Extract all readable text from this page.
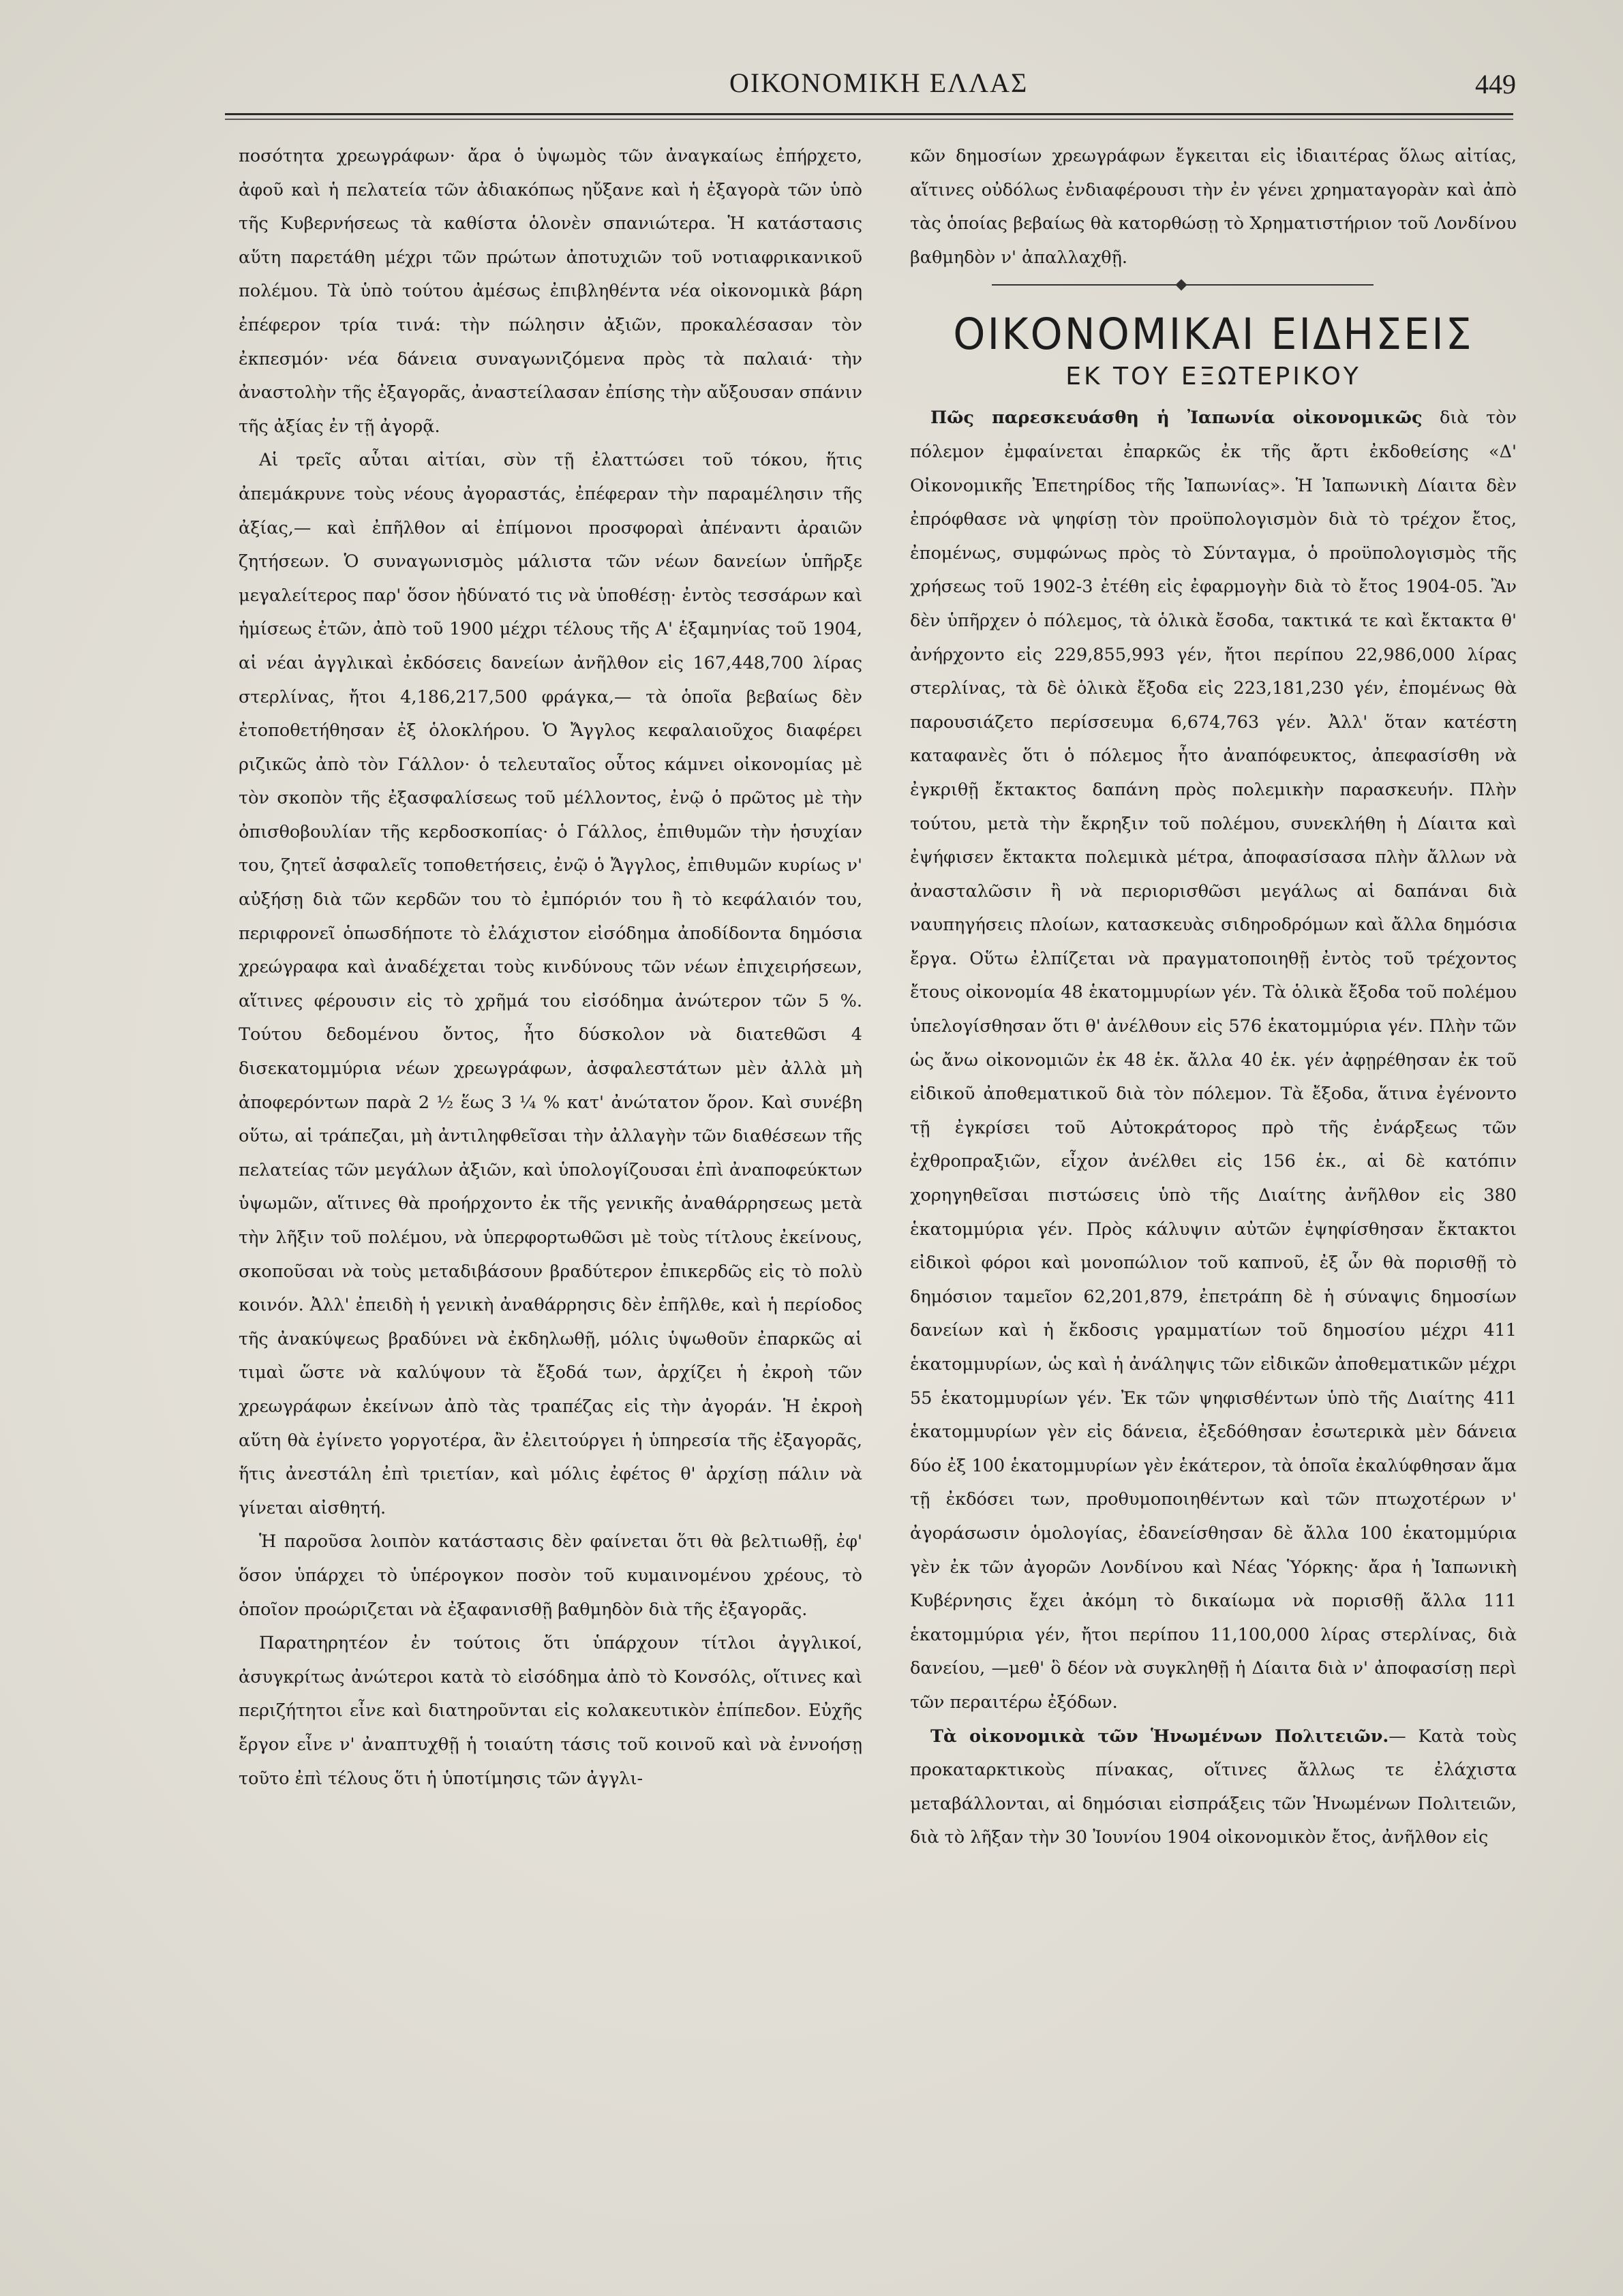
ΟΙΚΟΝΟΜΙΚΗ ΕΛΛΑΣ	449

ποσότητα χρεωγράφων· ἄρα ὁ ὑψωμὸς τῶν ἀναγκαίως ἐπήρχετο, ἀφοῦ καὶ ἡ πελατεία τῶν ἀδιακόπως ηὔξανε καὶ ἡ ἐξαγορὰ τῶν ὑπὸ τῆς Κυβερνήσεως τὰ καθίστα ὁλονὲν σπανιώτερα. Ἡ κατάστασις αὕτη παρετάθη μέχρι τῶν πρώτων ἀποτυχιῶν τοῦ νοτιαφρικανικοῦ πολέμου. Τὰ ὑπὸ τούτου ἀμέσως ἐπιβληθέντα νέα οἰκονομικὰ βάρη ἐπέφερον τρία τινά: τὴν πώλησιν ἀξιῶν, προκαλέσασαν τὸν ἐκπεσμόν· νέα δάνεια συναγωνιζόμενα πρὸς τὰ παλαιά· τὴν ἀναστολὴν τῆς ἐξαγορᾶς, ἀναστείλασαν ἐπίσης τὴν αὔξουσαν σπάνιν τῆς ἀξίας ἐν τῇ ἀγορᾷ.

Αἱ τρεῖς αὗται αἰτίαι, σὺν τῇ ἐλαττώσει τοῦ τόκου, ἥτις ἀπεμάκρυνε τοὺς νέους ἀγοραστάς, ἐπέφεραν τὴν παραμέλησιν τῆς ἀξίας,— καὶ ἐπῆλθον αἱ ἐπίμονοι προσφοραὶ ἀπέναντι ἀραιῶν ζητήσεων. Ὁ συναγωνισμὸς μάλιστα τῶν νέων δανείων ὑπῆρξε μεγαλείτερος παρ' ὅσον ἠδύνατό τις νὰ ὑποθέσῃ· ἐντὸς τεσσάρων καὶ ἡμίσεως ἐτῶν, ἀπὸ τοῦ 1900 μέχρι τέλους τῆς Α' ἑξαμηνίας τοῦ 1904, αἱ νέαι ἀγγλικαὶ ἐκδόσεις δανείων ἀνῆλθον εἰς 167,448,700 λίρας στερλίνας, ἤτοι 4,186,217,500 φράγκα,— τὰ ὁποῖα βεβαίως δὲν ἐτοποθετήθησαν ἐξ ὁλοκλήρου. Ὁ Ἄγγλος κεφαλαιοῦχος διαφέρει ριζικῶς ἀπὸ τὸν Γάλλον· ὁ τελευταῖος οὗτος κάμνει οἰκονομίας μὲ τὸν σκοπὸν τῆς ἐξασφαλίσεως τοῦ μέλλοντος, ἐνῷ ὁ πρῶτος μὲ τὴν ὀπισθοβουλίαν τῆς κερδοσκοπίας· ὁ Γάλλος, ἐπιθυμῶν τὴν ἡσυχίαν του, ζητεῖ ἀσφαλεῖς τοποθετήσεις, ἐνῷ ὁ Ἄγγλος, ἐπιθυμῶν κυρίως ν' αὐξήσῃ διὰ τῶν κερδῶν του τὸ ἐμπόριόν του ἢ τὸ κεφάλαιόν του, περιφρονεῖ ὁπωσδήποτε τὸ ἐλάχιστον εἰσόδημα ἀποδίδοντα δημόσια χρεώγραφα καὶ ἀναδέχεται τοὺς κινδύνους τῶν νέων ἐπιχειρήσεων, αἵτινες φέρουσιν εἰς τὸ χρῆμά του εἰσόδημα ἀνώτερον τῶν 5 %. Τούτου δεδομένου ὄντος, ἦτο δύσκολον νὰ διατεθῶσι 4 δισεκατομμύρια νέων χρεωγράφων, ἀσφαλεστάτων μὲν ἀλλὰ μὴ ἀποφερόντων παρὰ 2 ½ ἕως 3 ¼ % κατ' ἀνώτατον ὅρον. Καὶ συνέβη οὕτω, αἱ τράπεζαι, μὴ ἀντιληφθεῖσαι τὴν ἀλλαγὴν τῶν διαθέσεων τῆς πελατείας τῶν μεγάλων ἀξιῶν, καὶ ὑπολογίζουσαι ἐπὶ ἀναποφεύκτων ὑψωμῶν, αἵτινες θὰ προήρχοντο ἐκ τῆς γενικῆς ἀναθάρρησεως μετὰ τὴν λῆξιν τοῦ πολέμου, νὰ ὑπερφορτωθῶσι μὲ τοὺς τίτλους ἐκείνους, σκοποῦσαι νὰ τοὺς μεταδιβάσουν βραδύτερον ἐπικερδῶς εἰς τὸ πολὺ κοινόν. Ἀλλ' ἐπειδὴ ἡ γενικὴ ἀναθάρρησις δὲν ἐπῆλθε, καὶ ἡ περίοδος τῆς ἀνακύψεως βραδύνει νὰ ἐκδηλωθῇ, μόλις ὑψωθοῦν ἐπαρκῶς αἱ τιμαὶ ὥστε νὰ καλύψουν τὰ ἔξοδά των, ἀρχίζει ἡ ἐκροὴ τῶν χρεωγράφων ἐκείνων ἀπὸ τὰς τραπέζας εἰς τὴν ἀγοράν. Ἡ ἐκροὴ αὕτη θὰ ἐγίνετο γοργοτέρα, ἂν ἐλειτούργει ἡ ὑπηρεσία τῆς ἐξαγορᾶς, ἥτις ἀνεστάλη ἐπὶ τριετίαν, καὶ μόλις ἐφέτος θ' ἀρχίσῃ πάλιν νὰ γίνεται αἰσθητή.

Ἡ παροῦσα λοιπὸν κατάστασις δὲν φαίνεται ὅτι θὰ βελτιωθῇ, ἐφ' ὅσον ὑπάρχει τὸ ὑπέρογκον ποσὸν τοῦ κυμαινομένου χρέους, τὸ ὁποῖον προώριζεται νὰ ἐξαφανισθῇ βαθμηδὸν διὰ τῆς ἐξαγορᾶς.

Παρατηρητέον ἐν τούτοις ὅτι ὑπάρχουν τίτλοι ἀγγλικοί, ἀσυγκρίτως ἀνώτεροι κατὰ τὸ εἰσόδημα ἀπὸ τὸ Κονσόλς, οἵτινες καὶ περιζήτητοι εἶνε καὶ διατηροῦνται εἰς κολακευτικὸν ἐπίπεδον. Εὐχῆς ἔργον εἶνε ν' ἀναπτυχθῇ ἡ τοιαύτη τάσις τοῦ κοινοῦ καὶ νὰ ἐννοήσῃ τοῦτο ἐπὶ τέλους ὅτι ἡ ὑποτίμησις τῶν ἀγγλι-

κῶν δημοσίων χρεωγράφων ἔγκειται εἰς ἰδιαιτέρας ὅλως αἰτίας, αἵτινες οὐδόλως ἐνδιαφέρουσι τὴν ἐν γένει χρηματαγορὰν καὶ ἀπὸ τὰς ὁποίας βεβαίως θὰ κατορθώσῃ τὸ Χρηματιστήριον τοῦ Λονδίνου βαθμηδὸν ν' ἀπαλλαχθῇ.

ΟΙΚΟΝΟΜΙΚΑΙ ΕΙΔΗΣΕΙΣ
ΕΚ ΤΟΥ ΕΞΩΤΕΡΙΚΟΥ

Πῶς παρεσκευάσθη ἡ Ἰαπωνία οἰκονομικῶς διὰ τὸν πόλεμον ἐμφαίνεται ἐπαρκῶς ἐκ τῆς ἄρτι ἐκδοθείσης «Δ' Οἰκονομικῆς Ἐπετηρίδος τῆς Ἰαπωνίας». Ἡ Ἰαπωνικὴ Δίαιτα δὲν ἐπρόφθασε νὰ ψηφίσῃ τὸν προϋπολογισμὸν διὰ τὸ τρέχον ἔτος, ἐπομένως, συμφώνως πρὸς τὸ Σύνταγμα, ὁ προϋπολογισμὸς τῆς χρήσεως τοῦ 1902-3 ἐτέθη εἰς ἐφαρμογὴν διὰ τὸ ἔτος 1904-05. Ἂν δὲν ὑπῆρχεν ὁ πόλεμος, τὰ ὁλικὰ ἔσοδα, τακτικά τε καὶ ἔκτακτα θ' ἀνήρχοντο εἰς 229,855,993 γέν, ἤτοι περίπου 22,986,000 λίρας στερλίνας, τὰ δὲ ὁλικὰ ἔξοδα εἰς 223,181,230 γέν, ἐπομένως θὰ παρουσιάζετο περίσσευμα 6,674,763 γέν. Ἀλλ' ὅταν κατέστη καταφανὲς ὅτι ὁ πόλεμος ἦτο ἀναπόφευκτος, ἀπεφασίσθη νὰ ἐγκριθῇ ἔκτακτος δαπάνη πρὸς πολεμικὴν παρασκευήν. Πλὴν τούτου, μετὰ τὴν ἔκρηξιν τοῦ πολέμου, συνεκλήθη ἡ Δίαιτα καὶ ἐψήφισεν ἔκτακτα πολεμικὰ μέτρα, ἀποφασίσασα πλὴν ἄλλων νὰ ἀνασταλῶσιν ἢ νὰ περιορισθῶσι μεγάλως αἱ δαπάναι διὰ ναυπηγήσεις πλοίων, κατασκευὰς σιδηροδρόμων καὶ ἄλλα δημόσια ἔργα. Οὕτω ἐλπίζεται νὰ πραγματοποιηθῇ ἐντὸς τοῦ τρέχοντος ἔτους οἰκονομία 48 ἑκατομμυρίων γέν. Τὰ ὁλικὰ ἔξοδα τοῦ πολέμου ὑπελογίσθησαν ὅτι θ' ἀνέλθουν εἰς 576 ἑκατομμύρια γέν. Πλὴν τῶν ὡς ἄνω οἰκονομιῶν ἐκ 48 ἑκ. ἄλλα 40 ἑκ. γέν ἀφῃρέθησαν ἐκ τοῦ εἰδικοῦ ἀποθεματικοῦ διὰ τὸν πόλεμον. Τὰ ἔξοδα, ἅτινα ἐγένοντο τῇ ἐγκρίσει τοῦ Αὐτοκράτορος πρὸ τῆς ἐνάρξεως τῶν ἐχθροπραξιῶν, εἶχον ἀνέλθει εἰς 156 ἑκ., αἱ δὲ κατόπιν χορηγηθεῖσαι πιστώσεις ὑπὸ τῆς Διαίτης ἀνῆλθον εἰς 380 ἑκατομμύρια γέν. Πρὸς κάλυψιν αὐτῶν ἐψηφίσθησαν ἔκτακτοι εἰδικοὶ φόροι καὶ μονοπώλιον τοῦ καπνοῦ, ἐξ ὧν θὰ πορισθῇ τὸ δημόσιον ταμεῖον 62,201,879, ἐπετράπη δὲ ἡ σύναψις δημοσίων δανείων καὶ ἡ ἔκδοσις γραμματίων τοῦ δημοσίου μέχρι 411 ἑκατομμυρίων, ὡς καὶ ἡ ἀνάληψις τῶν εἰδικῶν ἀποθεματικῶν μέχρι 55 ἑκατομμυρίων γέν. Ἐκ τῶν ψηφισθέντων ὑπὸ τῆς Διαίτης 411 ἑκατομμυρίων γὲν εἰς δάνεια, ἐξεδόθησαν ἐσωτερικὰ μὲν δάνεια δύο ἐξ 100 ἑκατομμυρίων γὲν ἑκάτερον, τὰ ὁποῖα ἐκαλύφθησαν ἅμα τῇ ἐκδόσει των, προθυμοποιηθέντων καὶ τῶν πτωχοτέρων ν' ἀγοράσωσιν ὁμολογίας, ἐδανείσθησαν δὲ ἄλλα 100 ἑκατομμύρια γὲν ἐκ τῶν ἀγορῶν Λονδίνου καὶ Νέας Ὑόρκης· ἄρα ἡ Ἰαπωνικὴ Κυβέρνησις ἔχει ἀκόμη τὸ δικαίωμα νὰ πορισθῇ ἄλλα 111 ἑκατομμύρια γέν, ἤτοι περίπου 11,100,000 λίρας στερλίνας, διὰ δανείου, —μεθ' ὃ δέον νὰ συγκληθῇ ἡ Δίαιτα διὰ ν' ἀποφασίσῃ περὶ τῶν περαιτέρω ἐξόδων.

Τὰ οἰκονομικὰ τῶν Ἡνωμένων Πολιτειῶν.— Κατὰ τοὺς προκαταρκτικοὺς πίνακας, οἵτινες ἄλλως τε ἐλάχιστα μεταβάλλονται, αἱ δημόσιαι εἰσπράξεις τῶν Ἡνωμένων Πολιτειῶν, διὰ τὸ λῆξαν τὴν 30 Ἰουνίου 1904 οἰκονομικὸν ἔτος, ἀνῆλθον εἰς
